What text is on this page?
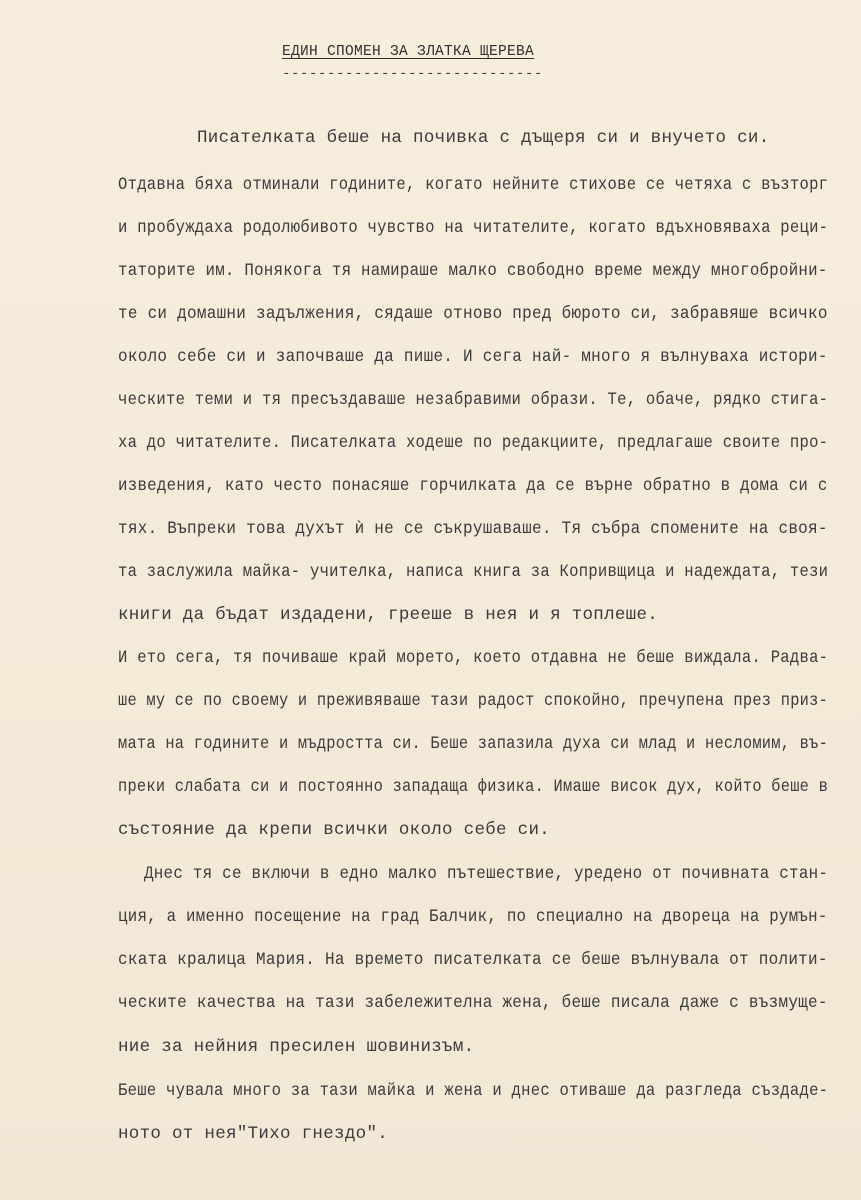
ЕДИН СПОМЕН ЗА ЗЛАТКА ЩЕРЕВА
-----------------------------
Писателката беше на почивка с дъщеря си и внучето си.
Отдавна бяха отминали годините, когато нейните стихове се четяха с възторг
и пробуждаха родолюбивото чувство на читателите, когато вдъхновяваха реци-
таторите им. Понякога тя намираше малко свободно време между многобройни-
те си домашни задължения, сядаше отново пред бюрото си, забравяше всичко
около себе си и започваше да пише. И сега най- много я вълнуваха истори-
ческите теми и тя пресъздаваше незабравими образи. Те, обаче, рядко стига-
ха до читателите. Писателката ходеше по редакциите, предлагаше своите про-
изведения, като често понасяше горчилката да се върне обратно в дома си с
тях. Въпреки това духът ѝ не се съкрушаваше. Тя събра спомените на своя-
та заслужила майка- учителка, написа книга за Копривщица и надеждата, тези
книги да бъдат издадени, грееше в нея и я топлеше.
И ето сега, тя почиваше край морето, което отдавна не беше виждала. Радва-
ше му се по своему и преживяваше тази радост спокойно, пречупена през приз-
мата на годините и мъдростта си. Беше запазила духа си млад и несломим, въ-
преки слабата си и постоянно западаща физика. Имаше висок дух, който беше в
състояние да крепи всички около себе си.
Днес тя се включи в едно малко пътешествие, уредено от почивната стан-
ция, а именно посещение на град Балчик, по специално на двореца на румън-
ската кралица Мария. На времето писателката се беше вълнувала от полити-
ческите качества на тази забележителна жена, беше писала даже с възмуще-
ние за нейния пресилен шовинизъм.
Беше чувала много за тази майка и жена и днес отиваше да разгледа създаде-
ното от нея"Тихо гнездо".
